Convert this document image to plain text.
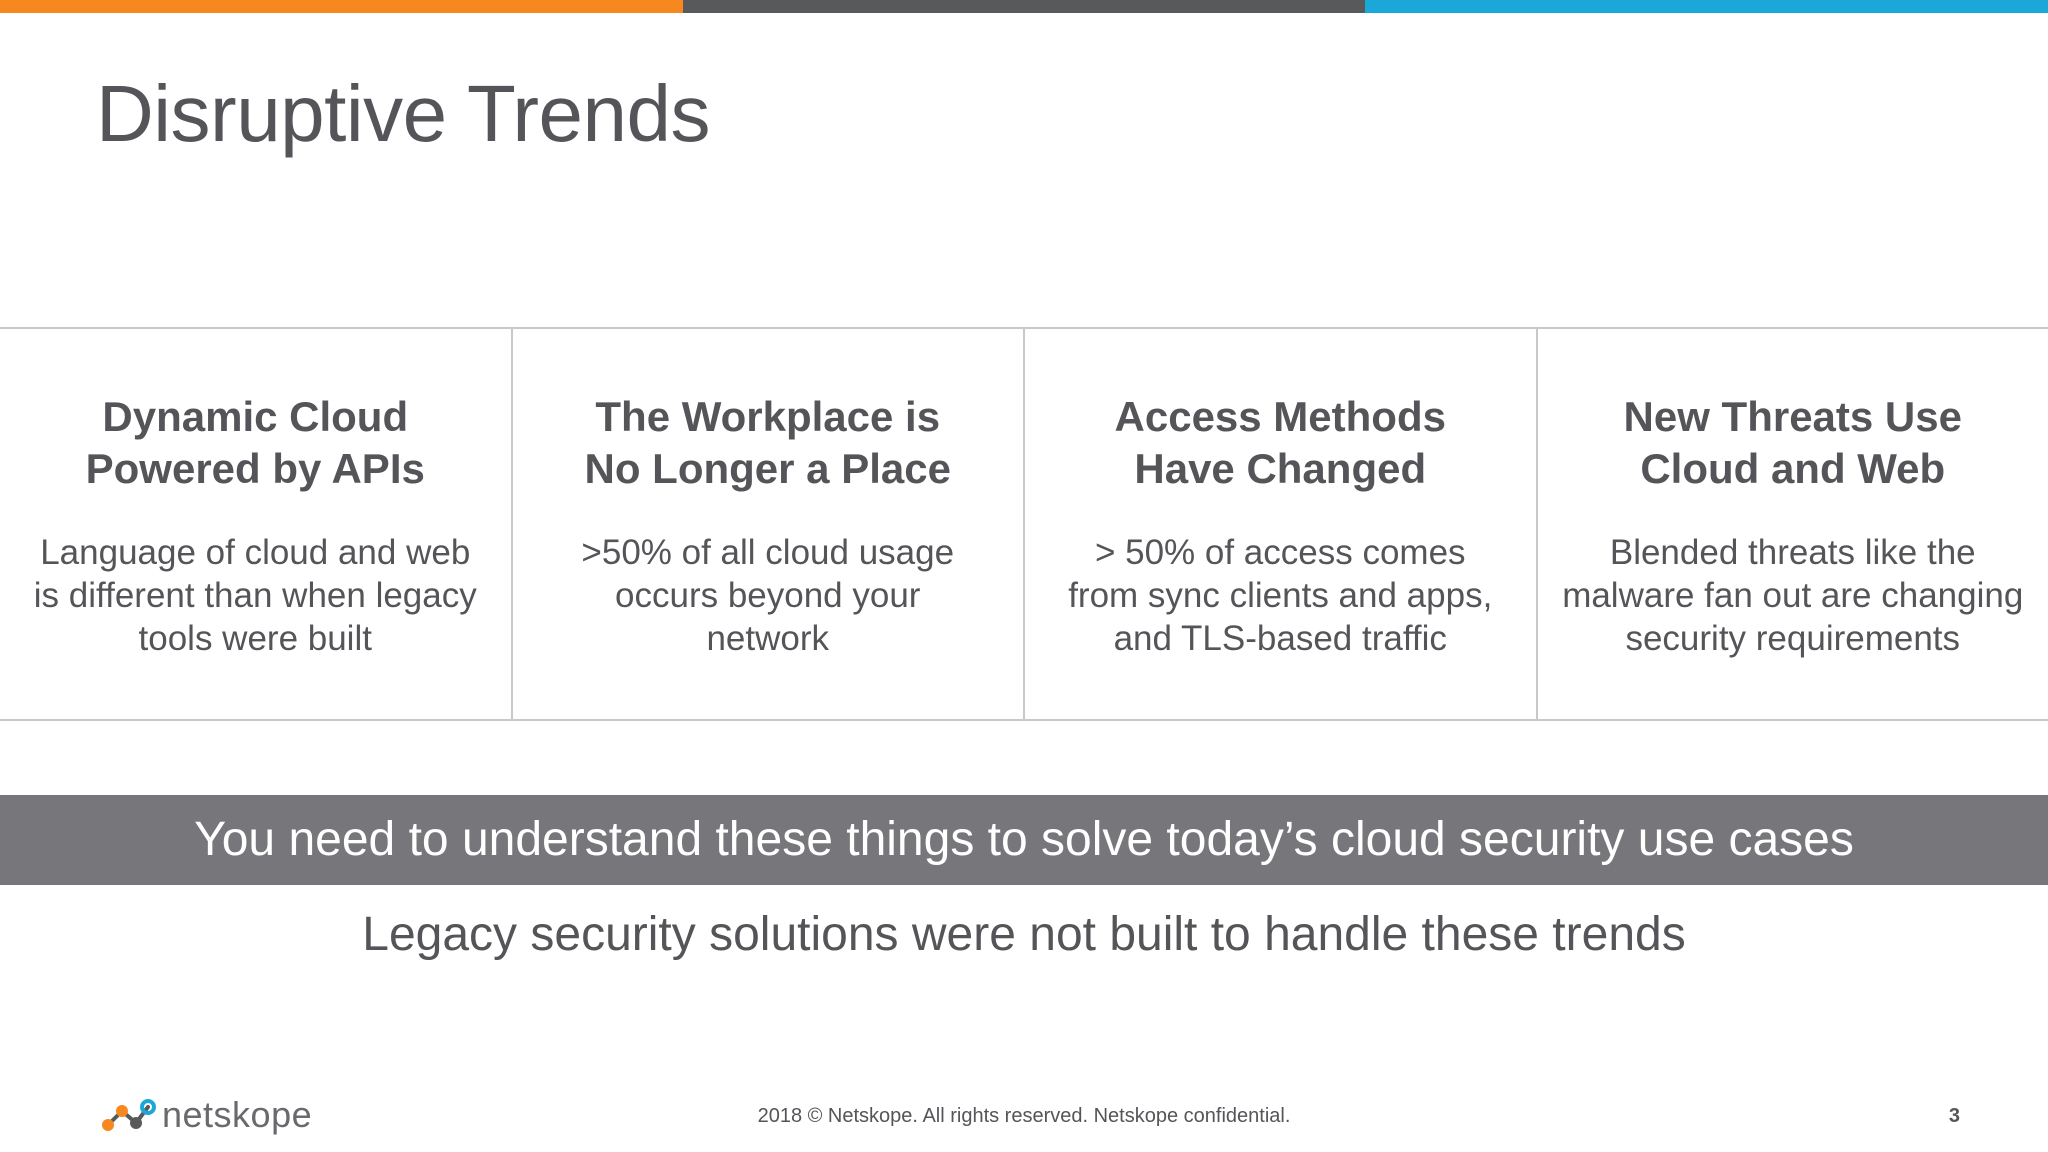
Disruptive Trends
Dynamic Cloud
Powered by APIs
Language of cloud and web
is different than when legacy
tools were built
The Workplace is
No Longer a Place
>50% of all cloud usage
occurs beyond your
network
Access Methods
Have Changed
> 50% of access comes
from sync clients and apps,
and TLS-based traffic
New Threats Use
Cloud and Web
Blended threats like the
malware fan out are changing
security requirements
You need to understand these things to solve today’s cloud security use cases
Legacy security solutions were not built to handle these trends
netskope	2018 © Netskope. All rights reserved. Netskope confidential.	3
